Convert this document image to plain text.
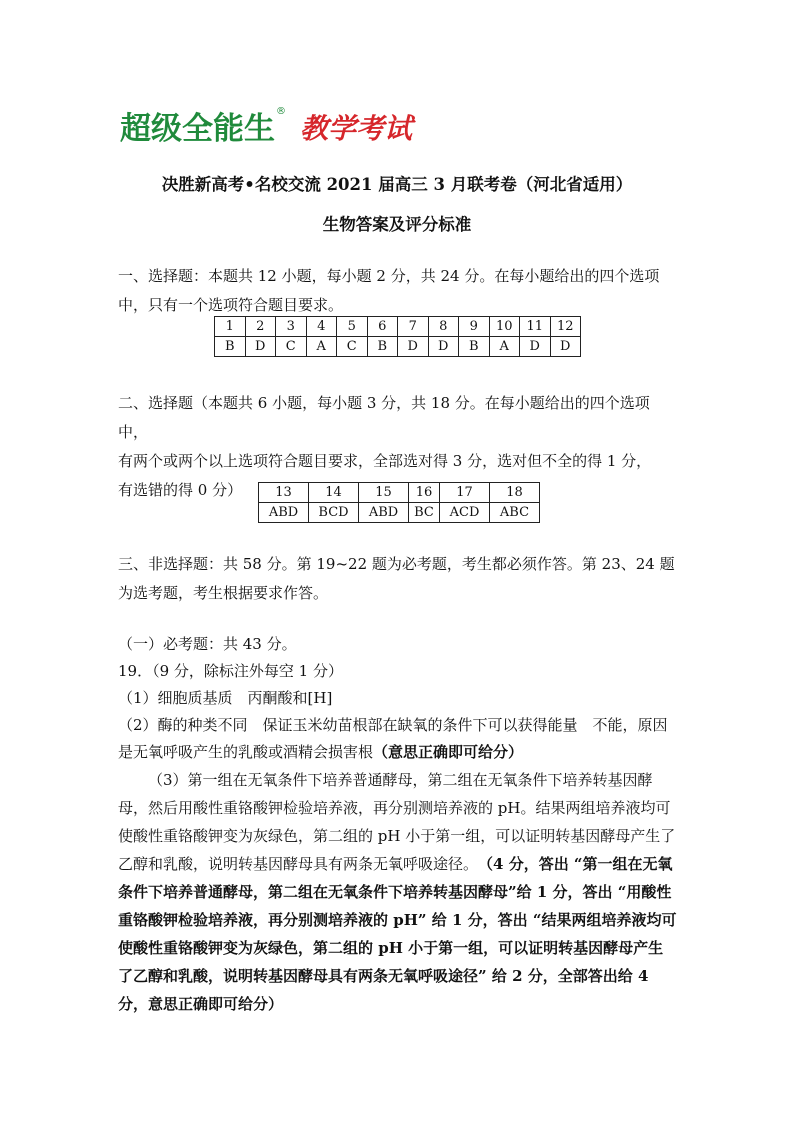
超级全能生 ®
教学考试
决胜新高考•名校交流 2021 届高三 3 月联考卷（河北省适用）
生物答案及评分标准

一、选择题：本题共 12 小题，每小题 2 分，共 24 分。在每小题给出的四个选项

中，只有一个选项符合题目要求。

1	2	3	4	5	6	7	8	9	10	11	12
B	D	C	A	C	B	D	D	B	A	D	D

二、选择题（本题共 6 小题，每小题 3 分，共 18 分。在每小题给出的四个选项中，

有两个或两个以上选项符合题目要求，全部选对得 3 分，选对但不全的得 1 分，

有选错的得 0 分）	13	14	15	16	17	18
ABD	BCD	ABD	BC	ACD	ABC

三、非选择题：共 58 分。第 19~22 题为必考题，考生都必须作答。第 23、24 题

为选考题，考生根据要求作答。

（一）必考题：共 43 分。

19．（9 分，除标注外每空 1 分）

（1）细胞质基质　丙酮酸和[H]

（2）酶的种类不同　保证玉米幼苗根部在缺氧的条件下可以获得能量　不能，原因是无氧呼吸产生的乳酸或酒精会损害根（意思正确即可给分）

（3）第一组在无氧条件下培养普通酵母，第二组在无氧条件下培养转基因酵母，然后用酸性重铬酸钾检验培养液，再分别测培养液的 pH。结果两组培养液均可使酸性重铬酸钾变为灰绿色，第二组的 pH 小于第一组，可以证明转基因酵母产生了乙醇和乳酸，说明转基因酵母具有两条无氧呼吸途径。　 （4 分，答出 “第一组在无氧条件下培养普通酵母，第二组在无氧条件下培养转基因酵母”给 1 分，答出 “用酸性重铬酸钾检验培养液，再分别测培养液的 pH” 给 1 分，答出 “结果两组培养液均可使酸性重铬酸钾变为灰绿色，第二组的 pH 小于第一组，可以证明转基因酵母产生了乙醇和乳酸，说明转基因酵母具有两条无氧呼吸途径” 给 2 分，全部答出给 4 分，意思正确即可给分）
